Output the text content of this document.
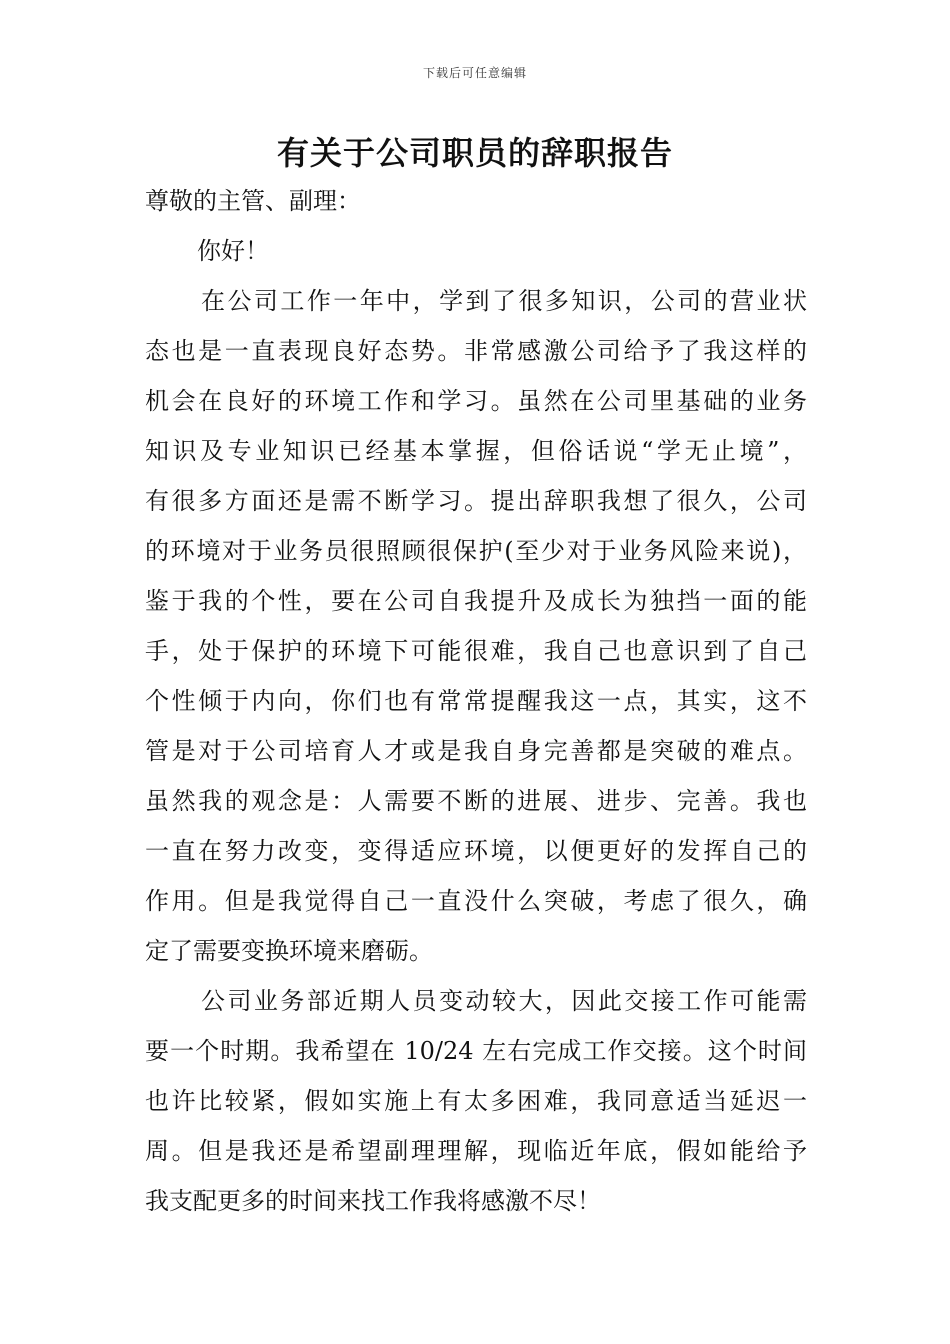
下载后可任意编辑
有关于公司职员的辞职报告
尊敬的主管、副理：
你好！
在公司工作一年中，学到了很多知识，公司的营业状
态也是一直表现良好态势。非常感激公司给予了我这样的
机会在良好的环境工作和学习。虽然在公司里基础的业务
知识及专业知识已经基本掌握，但俗话说“学无止境”，
有很多方面还是需不断学习。提出辞职我想了很久，公司
的环境对于业务员很照顾很保护(至少对于业务风险来说)，
鉴于我的个性，要在公司自我提升及成长为独挡一面的能
手，处于保护的环境下可能很难，我自己也意识到了自己
个性倾于内向，你们也有常常提醒我这一点，其实，这不
管是对于公司培育人才或是我自身完善都是突破的难点。
虽然我的观念是：人需要不断的进展、进步、完善。我也
一直在努力改变，变得适应环境，以便更好的发挥自己的
作用。但是我觉得自己一直没什么突破，考虑了很久，确
定了需要变换环境来磨砺。
公司业务部近期人员变动较大，因此交接工作可能需
要一个时期。我希望在 10/24 左右完成工作交接。这个时间
也许比较紧，假如实施上有太多困难，我同意适当延迟一
周。但是我还是希望副理理解，现临近年底，假如能给予
我支配更多的时间来找工作我将感激不尽！
